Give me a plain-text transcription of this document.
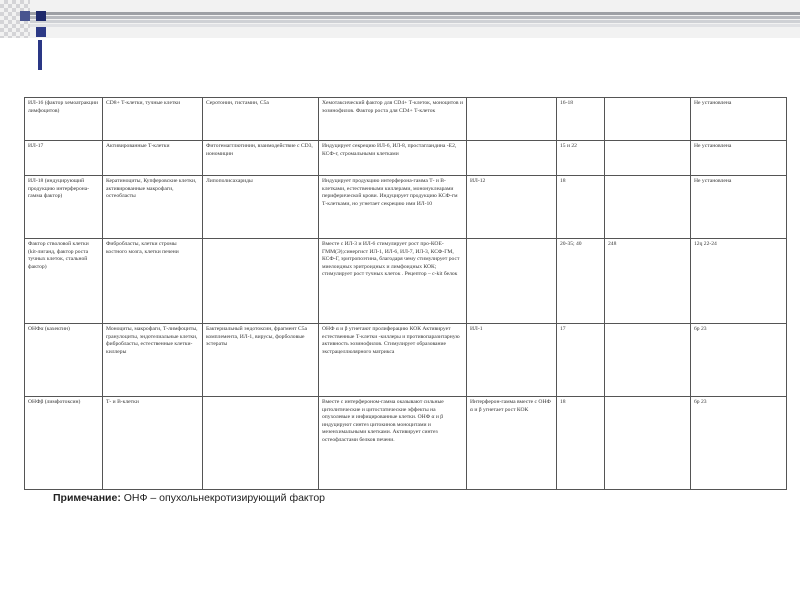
ИЛ-16 (фактор хемоатракции лимфоцитов)	CD8+ Т-клетки, тучные клетки	Серотонин, гистамин, С5а	Хемотаксический фактор для CD4+ Т-клеток, моноцитов и эозинофилов. Фактор роста для CD4+ Т-клеток		16-18		Не установлена
ИЛ-17	Активированные Т-клетки	Фитогемагглютинин, взаимодействие с CD3, иономицин	Индуцирует секрецию ИЛ-6, ИЛ-8, простагландина -Е2, КСФ-г, стромальными клетками		15 и 22		Не установлена
ИЛ-18 (индуцирующий продукцию интерферона-гамма фактор)	Кератиноциты, Купферовские клетки, активированные макрофаги, остеобласты	Липополисахариды	Индуцирует продукцию интерферона-гамма Т- и В- клетками, естественными киллерами, мононуклеарами периферической крови. Индуцирует продукцию КСФ-гм Т-клетками, но угнетает секрецию ими ИЛ-10	ИЛ-12	18		Не установлена
Фактор стволовой клетки (kit-лиганд, фактор роста тучных клеток, стальной фактор)	Фибробласты, клетки стромы костного мозга, клетки печени		Вместе с ИЛ-3 и ИЛ-6 стимулирует рост про-КОЕ-ГММ(Э);синергист ИЛ-1, ИЛ-6, ИЛ-7, ИЛ-3, КСФ-ГМ, КСФ-Г, эритропоэтина, благодаря чему стимулирует рост миелоидных эритроидных и лимфоидных КОК; стимулирует рост тучных клеток . Рецептор – c-kit белок		20-35; 40	248	12q 22-24
ОНФα (кахектин)	Моноциты, макрофаги, Т-лимфоциты, гранулоциты, эндотелиальные клетки, фибробласты, естественные клетки-киллеры	Бактериальный эндотоксин, фрагмент С5а комплемента, ИЛ-1, вирусы, форболовые эстераты	ОНФ α и β угнетают пролиферацию КОК Активирует естественные Т-клетки -киллеры и противопаразитарную активность эозинофилов. Стимулирует образование экстрацеллюлярного матрикса	ИЛ-1	17		6р 23
ОНФβ (лимфотоксин)	Т- и В-клетки		Вместе с интерфероном-гамма оказывают сильные цитолитические и цитостатические эффекты на опухолевые и инфицированные клетки. ОНФ α и β индуцируют синтез цитокинов моноцитами и мезенхимальными клетками. Активирует синтез остеофластами белков печени.	Интерферон-гамма вместе с ОНФ α и β угнетает рост КОК	18		6р 23
Примечание: ОНФ – опухольнекротизирующий фактор
